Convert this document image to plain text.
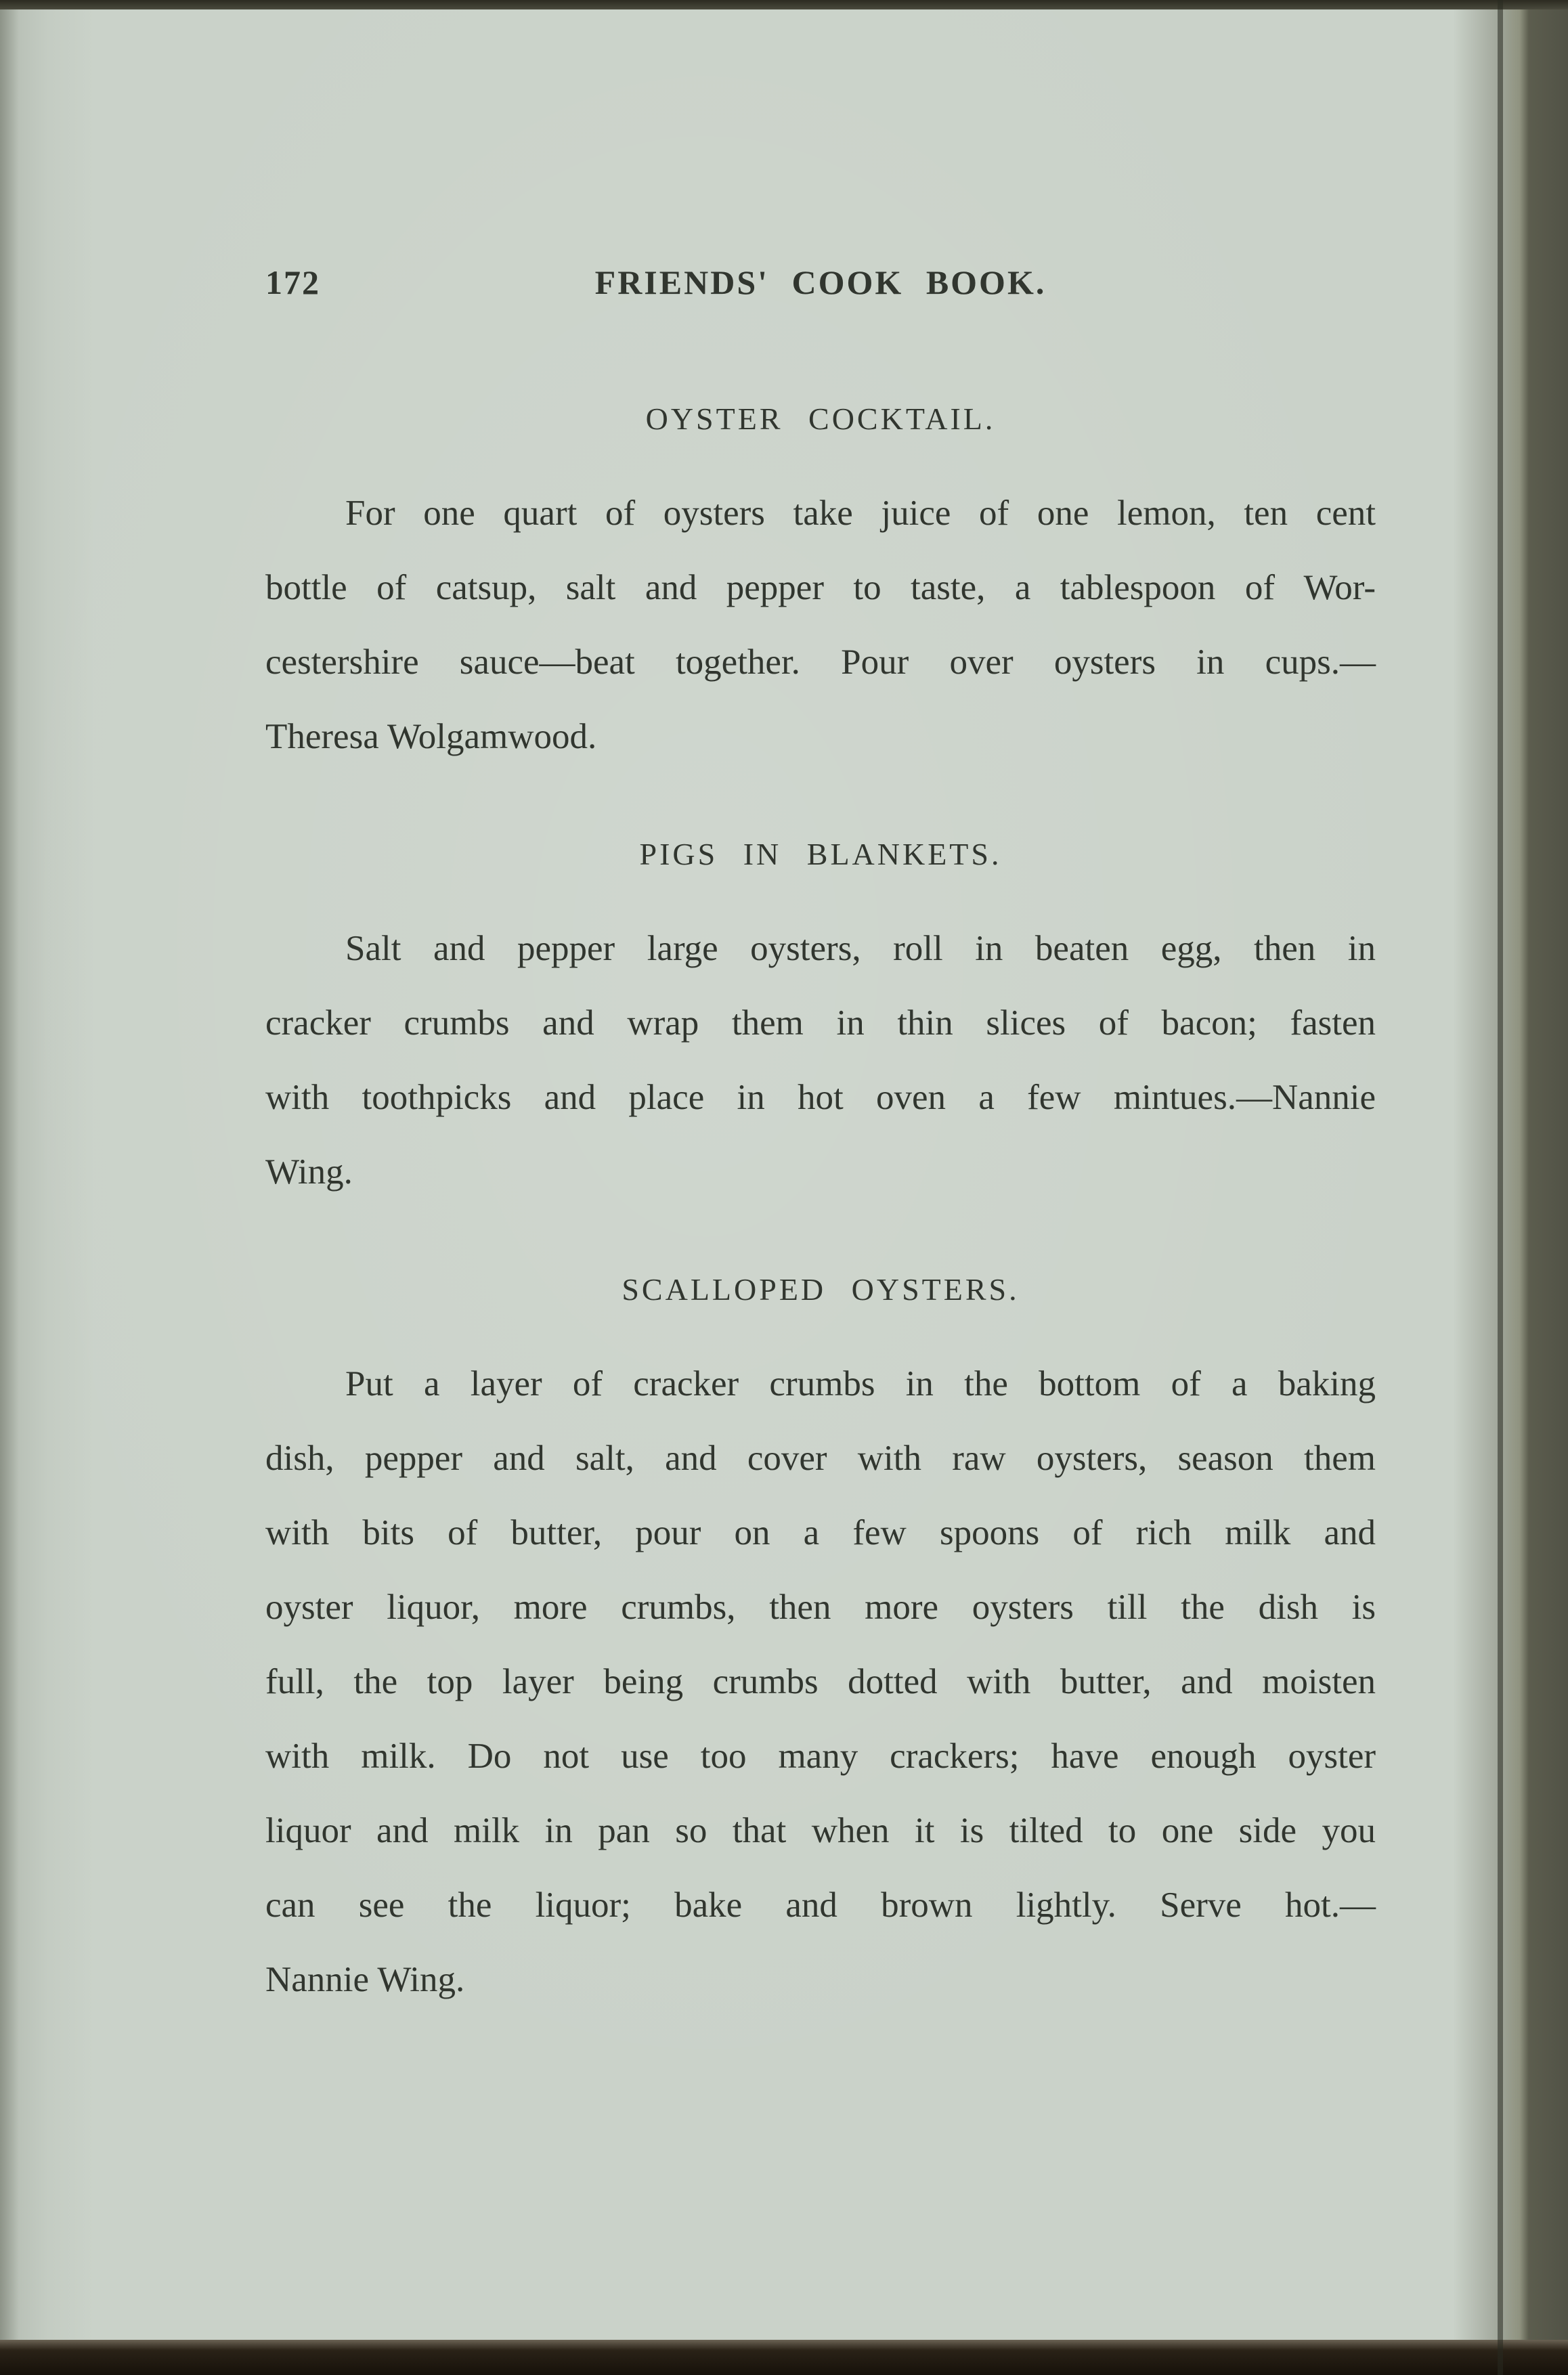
172	FRIENDS' COOK BOOK.
OYSTER COCKTAIL.
For one quart of oysters take juice of one lemon, ten cent
bottle of catsup, salt and pepper to taste, a tablespoon of Wor-
cestershire sauce—beat together. Pour over oysters in cups.—
Theresa Wolgamwood.
PIGS IN BLANKETS.
Salt and pepper large oysters, roll in beaten egg, then in
cracker crumbs and wrap them in thin slices of bacon; fasten
with toothpicks and place in hot oven a few mintues.—Nannie
Wing.
SCALLOPED OYSTERS.
Put a layer of cracker crumbs in the bottom of a baking
dish, pepper and salt, and cover with raw oysters, season them
with bits of butter, pour on a few spoons of rich milk and
oyster liquor, more crumbs, then more oysters till the dish is
full, the top layer being crumbs dotted with butter, and moisten
with milk. Do not use too many crackers; have enough oyster
liquor and milk in pan so that when it is tilted to one side you
can see the liquor; bake and brown lightly. Serve hot.—
Nannie Wing.
